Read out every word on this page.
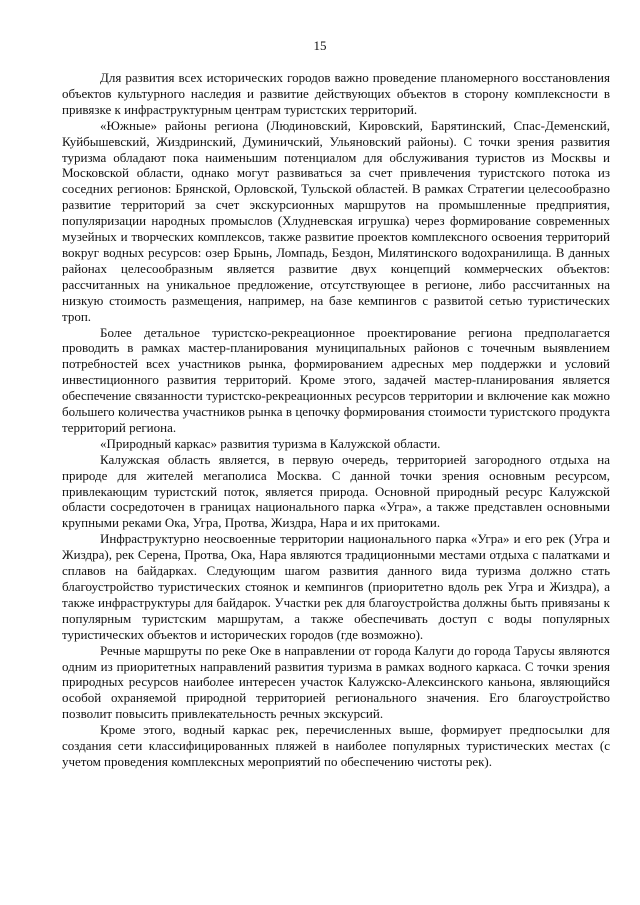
15

Для развития всех исторических городов важно проведение планомерного восстановления объектов культурного наследия и развитие действующих объектов в сторону комплексности в привязке к инфраструктурным центрам туристских территорий.

«Южные» районы региона (Людиновский, Кировский, Барятинский, Спас-Деменский, Куйбышевский, Жиздринский, Думиничский, Ульяновский районы). С точки зрения развития туризма обладают пока наименьшим потенциалом для обслуживания туристов из Москвы и Московской области, однако могут развиваться за счет привлечения туристского потока из соседних регионов: Брянской, Орловской, Тульской областей. В рамках Стратегии целесообразно развитие территорий за счет экскурсионных маршрутов на промышленные предприятия, популяризации народных промыслов (Хлудневская игрушка) через формирование современных музейных и творческих комплексов, также развитие проектов комплексного освоения территорий вокруг водных ресурсов: озер Брынь, Ломпадь, Бездон, Милятинского водохранилища. В данных районах целесообразным является развитие двух концепций коммерческих объектов: рассчитанных на уникальное предложение, отсутствующее в регионе, либо рассчитанных на низкую стоимость размещения, например, на базе кемпингов с развитой сетью туристических троп.

Более детальное туристско-рекреационное проектирование региона предполагается проводить в рамках мастер-планирования муниципальных районов с точечным выявлением потребностей всех участников рынка, формированием адресных мер поддержки и условий инвестиционного развития территорий. Кроме этого, задачей мастер-планирования является обеспечение связанности туристско-рекреационных ресурсов территории и включение как можно большего количества участников рынка в цепочку формирования стоимости туристского продукта территорий региона.

«Природный каркас» развития туризма в Калужской области.

Калужская область является, в первую очередь, территорией загородного отдыха на природе для жителей мегаполиса Москва. С данной точки зрения основным ресурсом, привлекающим туристский поток, является природа. Основной природный ресурс Калужской области сосредоточен в границах национального парка «Угра», а также представлен основными крупными реками Ока, Угра, Протва, Жиздра, Нара и их притоками.

Инфраструктурно неосвоенные территории национального парка «Угра» и его рек (Угра и Жиздра), рек Серена, Протва, Ока, Нара являются традиционными местами отдыха с палатками и сплавов на байдарках. Следующим шагом развития данного вида туризма должно стать благоустройство туристических стоянок и кемпингов (приоритетно вдоль рек Угра и Жиздра), а также инфраструктуры для байдарок. Участки рек для благоустройства должны быть привязаны к популярным туристским маршрутам, а также обеспечивать доступ с воды популярных туристических объектов и исторических городов (где возможно).

Речные маршруты по реке Оке в направлении от города Калуги до города Тарусы являются одним из приоритетных направлений развития туризма в рамках водного каркаса. С точки зрения природных ресурсов наиболее интересен участок Калужско-Алексинского каньона, являющийся особой охраняемой природной территорией регионального значения. Его благоустройство позволит повысить привлекательность речных экскурсий.

Кроме этого, водный каркас рек, перечисленных выше, формирует предпосылки для создания сети классифицированных пляжей в наиболее популярных туристических местах (с учетом проведения комплексных мероприятий по обеспечению чистоты рек).
